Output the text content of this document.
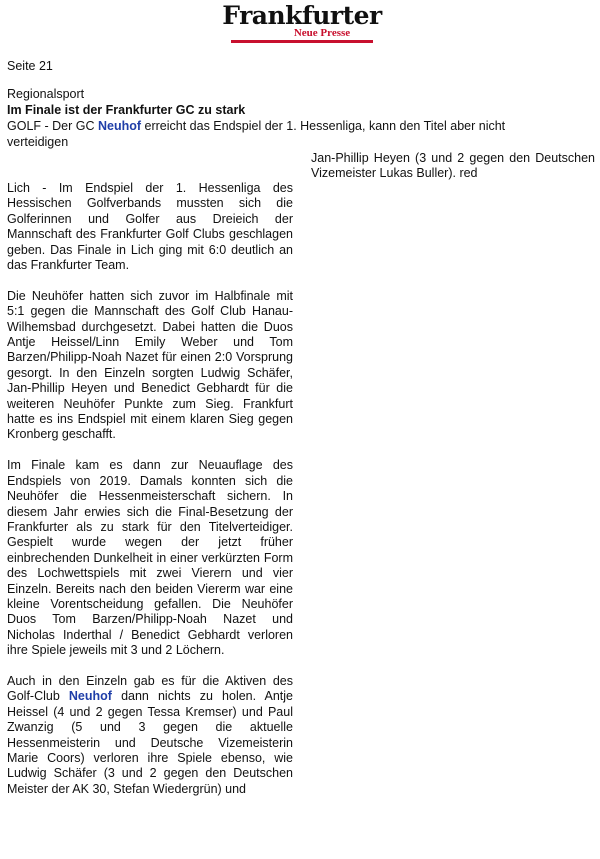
Frankfurter
Neue Presse
Seite 21
Regionalsport
Im Finale ist der Frankfurter GC zu stark
GOLF - Der GC Neuhof erreicht das Endspiel der 1. Hessenliga, kann den Titel aber nicht verteidigen

Lich - Im Endspiel der 1. Hessenliga des Hessischen Golfverbands mussten sich die Golferinnen und Golfer aus Dreieich der Mannschaft des Frankfurter Golf Clubs geschlagen geben. Das Finale in Lich ging mit 6:0 deutlich an das Frankfurter Team.

Die Neuhöfer hatten sich zuvor im Halbfinale mit 5:1 gegen die Mannschaft des Golf Club Hanau-Wilhemsbad durchgesetzt. Dabei hatten die Duos Antje Heissel/Linn Emily Weber und Tom Barzen/Philipp-Noah Nazet für einen 2:0 Vorsprung gesorgt. In den Einzeln sorgten Ludwig Schäfer, Jan-Phillip Heyen und Benedict Gebhardt für die weiteren Neuhöfer Punkte zum Sieg. Frankfurt hatte es ins Endspiel mit einem klaren Sieg gegen Kronberg geschafft.

Im Finale kam es dann zur Neuauflage des Endspiels von 2019. Damals konnten sich die Neuhöfer die Hessenmeisterschaft sichern. In diesem Jahr erwies sich die Final-Besetzung der Frankfurter als zu stark für den Titelverteidiger. Gespielt wurde wegen der jetzt früher einbrechenden Dunkelheit in einer verkürzten Form des Lochwettspiels mit zwei Vierern und vier Einzeln. Bereits nach den beiden Viererm war eine kleine Vorentscheidung gefallen. Die Neuhöfer Duos Tom Barzen/Philipp-Noah Nazet und Nicholas Inderthal / Benedict Gebhardt verloren ihre Spiele jeweils mit 3 und 2 Löchern.

Auch in den Einzeln gab es für die Aktiven des Golf-Club Neuhof dann nichts zu holen. Antje Heissel (4 und 2 gegen Tessa Kremser) und Paul Zwanzig (5 und 3 gegen die aktuelle Hessenmeisterin und Deutsche Vizemeisterin Marie Coors) verloren ihre Spiele ebenso, wie Ludwig Schäfer (3 und 2 gegen den Deutschen Meister der AK 30, Stefan Wiedergrün) und

Jan-Phillip Heyen (3 und 2 gegen den Deutschen Vizemeister Lukas Buller). red
